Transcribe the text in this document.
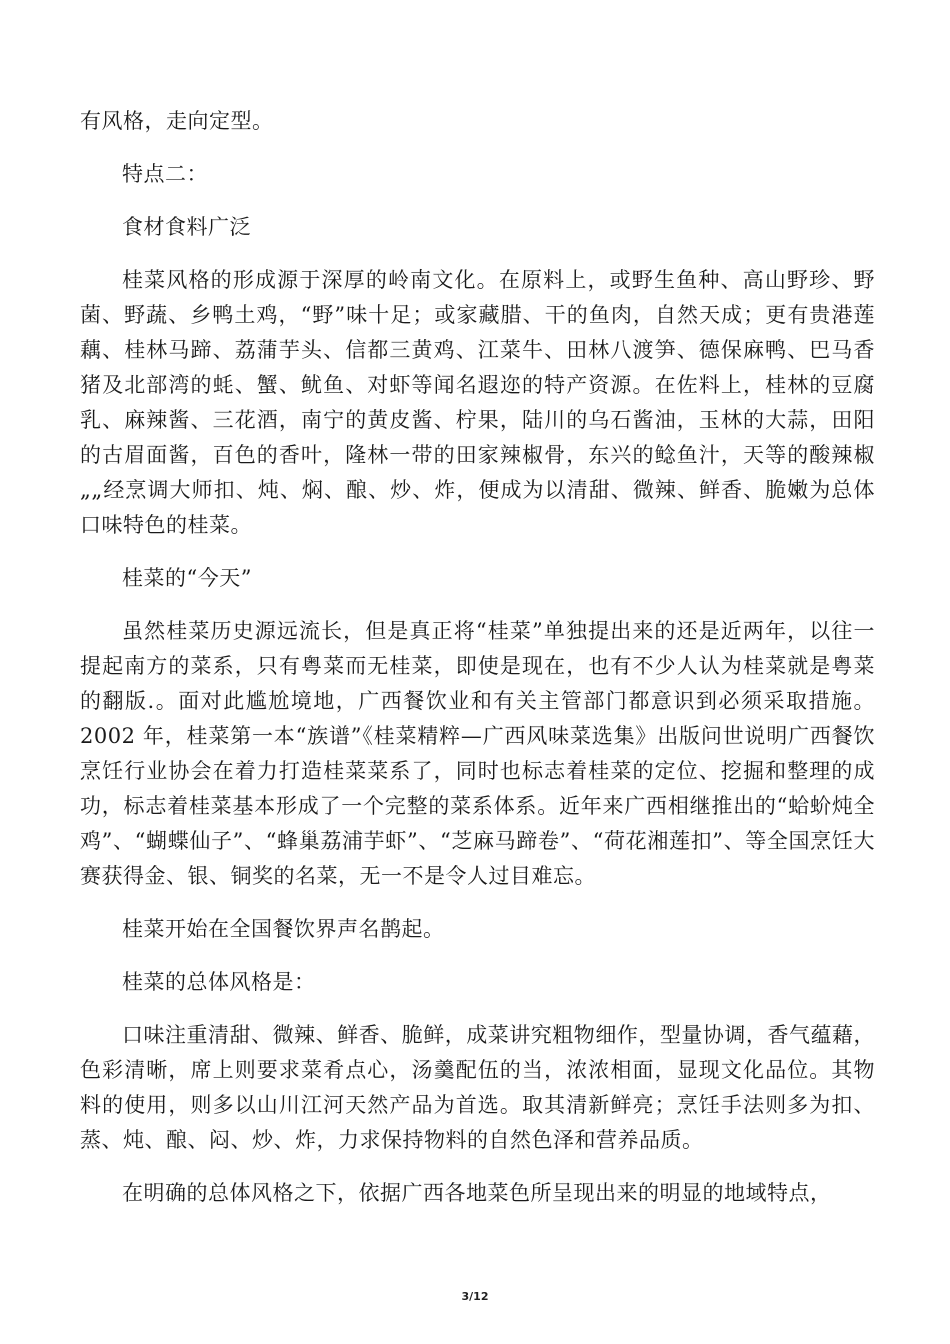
有风格，走向定型。

特点二：

食材食料广泛

桂菜风格的形成源于深厚的岭南文化。在原料上，或野生鱼种、高山野珍、野菌、野蔬、乡鸭土鸡，“野”味十足；或家藏腊、干的鱼肉，自然天成；更有贵港莲藕、桂林马蹄、荔蒲芋头、信都三黄鸡、江菜牛、田林八渡笋、德保麻鸭、巴马香猪及北部湾的蚝、蟹、鱿鱼、对虾等闻名遐迩的特产资源。在佐料上，桂林的豆腐乳、麻辣酱、三花酒，南宁的黄皮酱、柠果，陆川的乌石酱油，玉林的大蒜，田阳的古眉面酱，百色的香叶，隆林一带的田家辣椒骨，东兴的鲶鱼汁，天等的酸辣椒„„经烹调大师扣、炖、焖、酿、炒、炸，便成为以清甜、微辣、鲜香、脆嫩为总体口味特色的桂菜。

桂菜的“今天”

虽然桂菜历史源远流长，但是真正将“桂菜”单独提出来的还是近两年，以往一提起南方的菜系，只有粤菜而无桂菜，即使是现在，也有不少人认为桂菜就是粤菜的翻版.。面对此尴尬境地，广西餐饮业和有关主管部门都意识到必须采取措施。2002 年，桂菜第一本“族谱”《桂菜精粹—广西风味菜选集》出版问世说明广西餐饮烹饪行业协会在着力打造桂菜菜系了，同时也标志着桂菜的定位、挖掘和整理的成功，标志着桂菜基本形成了一个完整的菜系体系。近年来广西相继推出的“蛤蚧炖全鸡”、“蝴蝶仙子”、“蜂巢荔浦芋虾”、“芝麻马蹄卷”、“荷花湘莲扣”、等全国烹饪大赛获得金、银、铜奖的名菜，无一不是令人过目难忘。

桂菜开始在全国餐饮界声名鹊起。

桂菜的总体风格是：

口味注重清甜、微辣、鲜香、脆鲜，成菜讲究粗物细作，型量协调，香气蕴藉，色彩清晰，席上则要求菜肴点心，汤羹配伍的当，浓浓相面，显现文化品位。其物料的使用，则多以山川江河天然产品为首选。取其清新鲜亮；烹饪手法则多为扣、蒸、炖、酿、闷、炒、炸，力求保持物料的自然色泽和营养品质。

在明确的总体风格之下，依据广西各地菜色所呈现出来的明显的地域特点，

3/12
